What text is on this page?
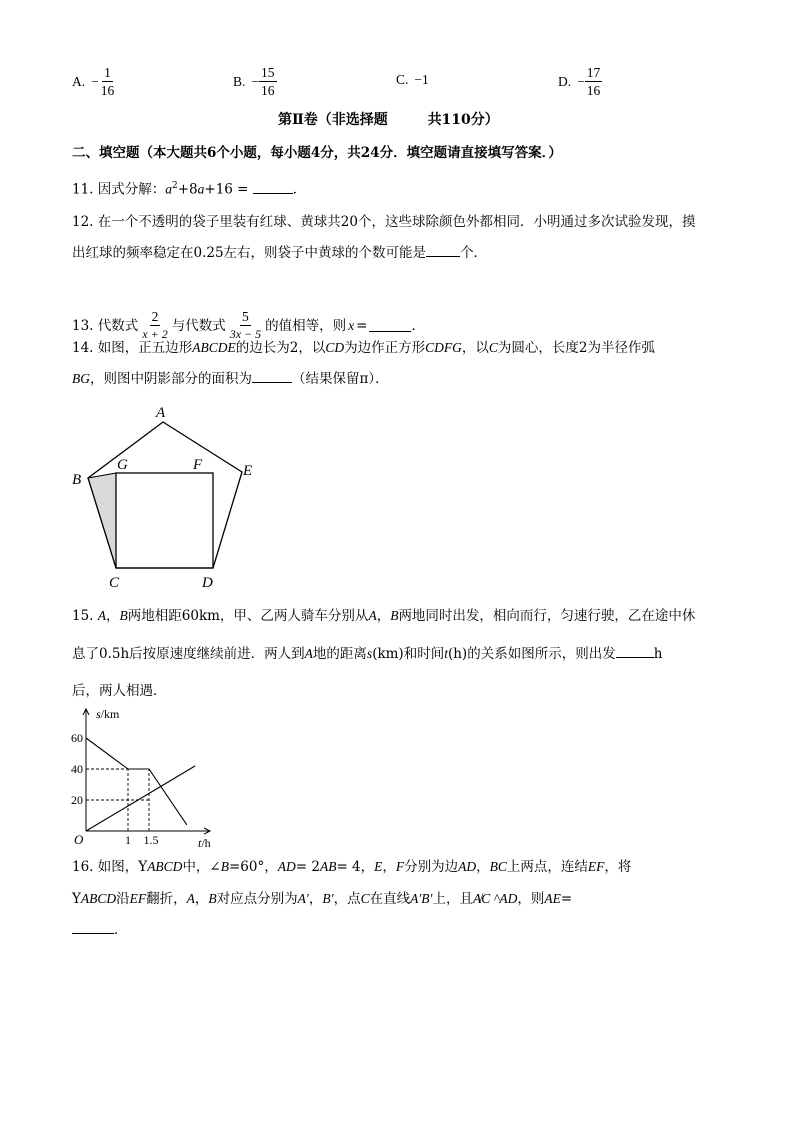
A. − $\frac{1}{16}$	B. − $\frac{15}{16}$	C. −1	D. − $\frac{17}{16}$
第Ⅱ卷（非选择题	共110分）
二、填空题（本大题共6个小题，每小题4分，共24分．填空题请直接填写答案．）
11. 因式分解：$a^2+8a+16$ =	．
12. 在一个不透明的袋子里装有红球、黄球共20个，这些球除颜色外都相同．小明通过多次试验发现，摸
出红球的频率稳定在0.25左右，则袋子中黄球的个数可能是	个．
13. 代数式 $\frac{2}{x + 2}$ 与代数式 $\frac{5}{3x - 5}$ 的值相等，则 x =	．
14. 如图，正五边形ABCDE的边长为2，以CD为边作正方形CDFG，以C为圆心，长度2为半径作弧
BG，则图中阴影部分的面积为	（结果保留π）．
A
B
G	F	E
C	D
15. A，B两地相距60km，甲、乙两人骑车分别从A，B两地同时出发，相向而行，匀速行驶，乙在途中休
息了0.5h后按原速度继续前进．两人到A地的距离s(km)和时间t(h)的关系如图所示，则出发	h
后，两人相遇．
20
40
60
1 1.5
s/km
t/h
O
16. 如图，YABCD中，∠B=60°，AD= 2AB= 4，E，F分别为边AD，BC上两点，连结EF，将
YABCD沿EF翻折，A，B对应点分别为A′，B′，点C在直线A′B′上，且A̸C ^AD，则AE=
．
